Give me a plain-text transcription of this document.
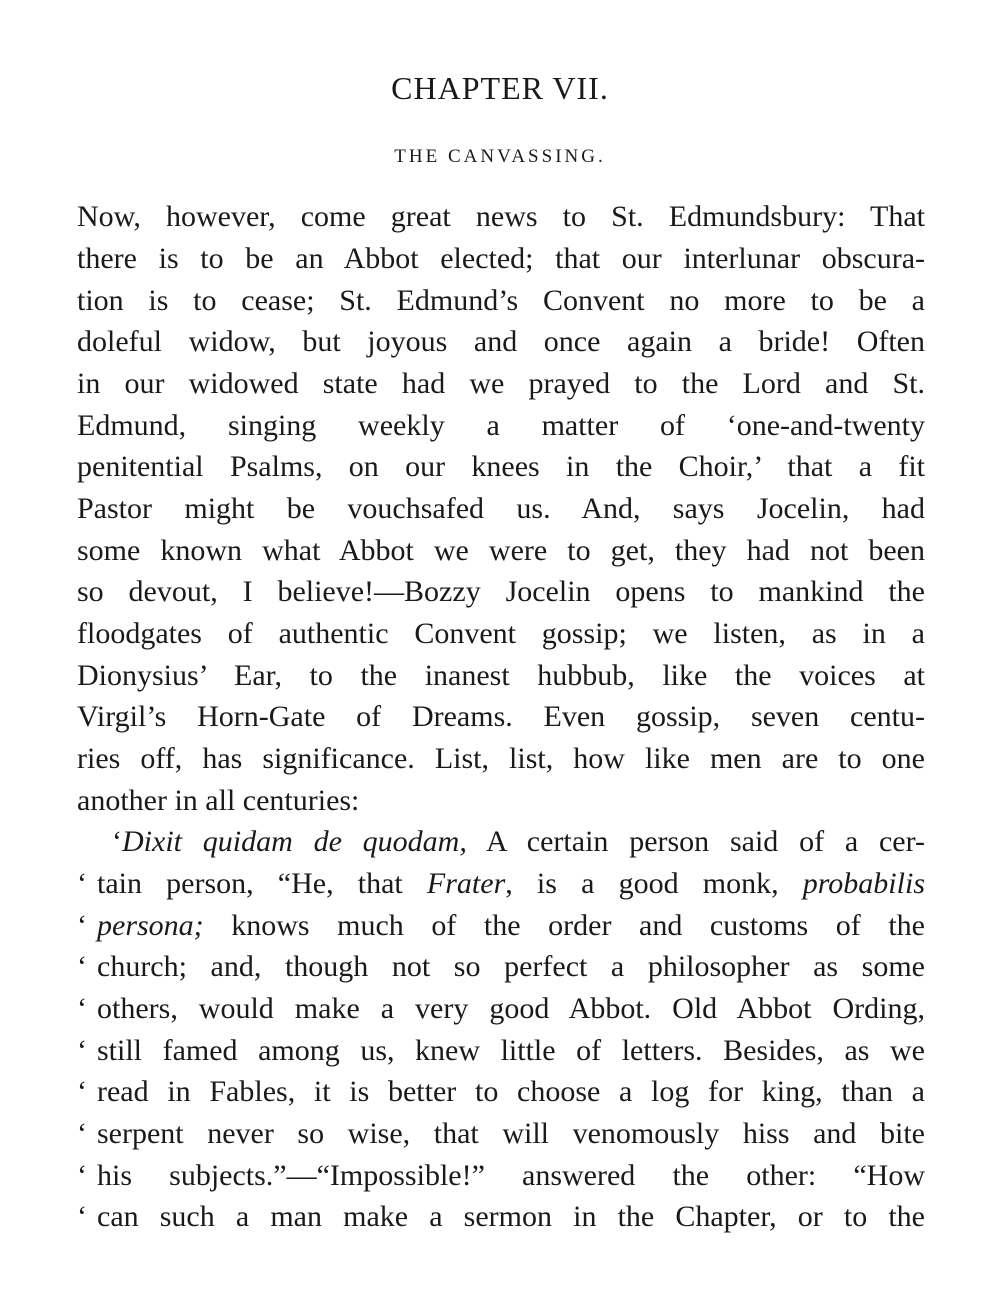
CHAPTER VII.
THE CANVASSING.
Now, however, come great news to St. Edmundsbury: That
there is to be an Abbot elected; that our interlunar obscura-
tion is to cease; St. Edmund’s Convent no more to be a
doleful widow, but joyous and once again a bride! Often
in our widowed state had we prayed to the Lord and St.
Edmund, singing weekly a matter of ‘one-and-twenty
penitential Psalms, on our knees in the Choir,’ that a fit
Pastor might be vouchsafed us. And, says Jocelin, had
some known what Abbot we were to get, they had not been
so devout, I believe!—Bozzy Jocelin opens to mankind the
floodgates of authentic Convent gossip; we listen, as in a
Dionysius’ Ear, to the inanest hubbub, like the voices at
Virgil’s Horn-Gate of Dreams. Even gossip, seven centu-
ries off, has significance. List, list, how like men are to one
another in all centuries:
‘Dixit quidam de quodam, A certain person said of a cer-
‘ tain person, “He, that Frater, is a good monk, probabilis
‘ persona; knows much of the order and customs of the
‘ church; and, though not so perfect a philosopher as some
‘ others, would make a very good Abbot. Old Abbot Ording,
‘ still famed among us, knew little of letters. Besides, as we
‘ read in Fables, it is better to choose a log for king, than a
‘ serpent never so wise, that will venomously hiss and bite
‘ his subjects.”—“Impossible!” answered the other: “How
‘ can such a man make a sermon in the Chapter, or to the
